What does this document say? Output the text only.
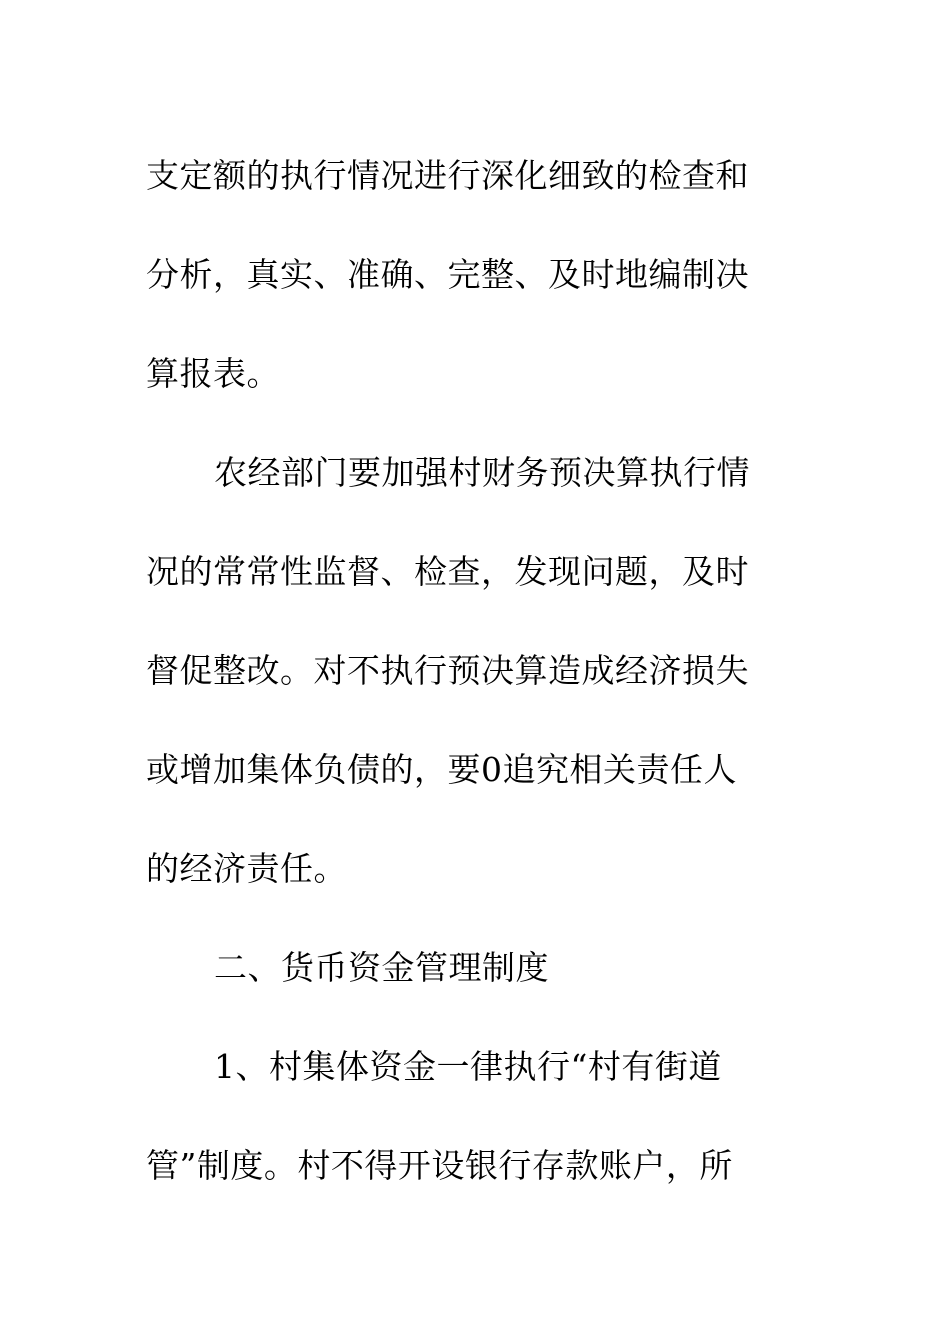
支定额的执行情况进行深化细致的检查和
分析，真实、准确、完整、及时地编制决
算报表。
农经部门要加强村财务预决算执行情
况的常常性监督、检查，发现问题，及时
督促整改。对不执行预决算造成经济损失
或增加集体负债的，要0追究相关责任人
的经济责任。
二、货币资金管理制度
1、村集体资金一律执行“村有街道
管”制度。村不得开设银行存款账户，所
